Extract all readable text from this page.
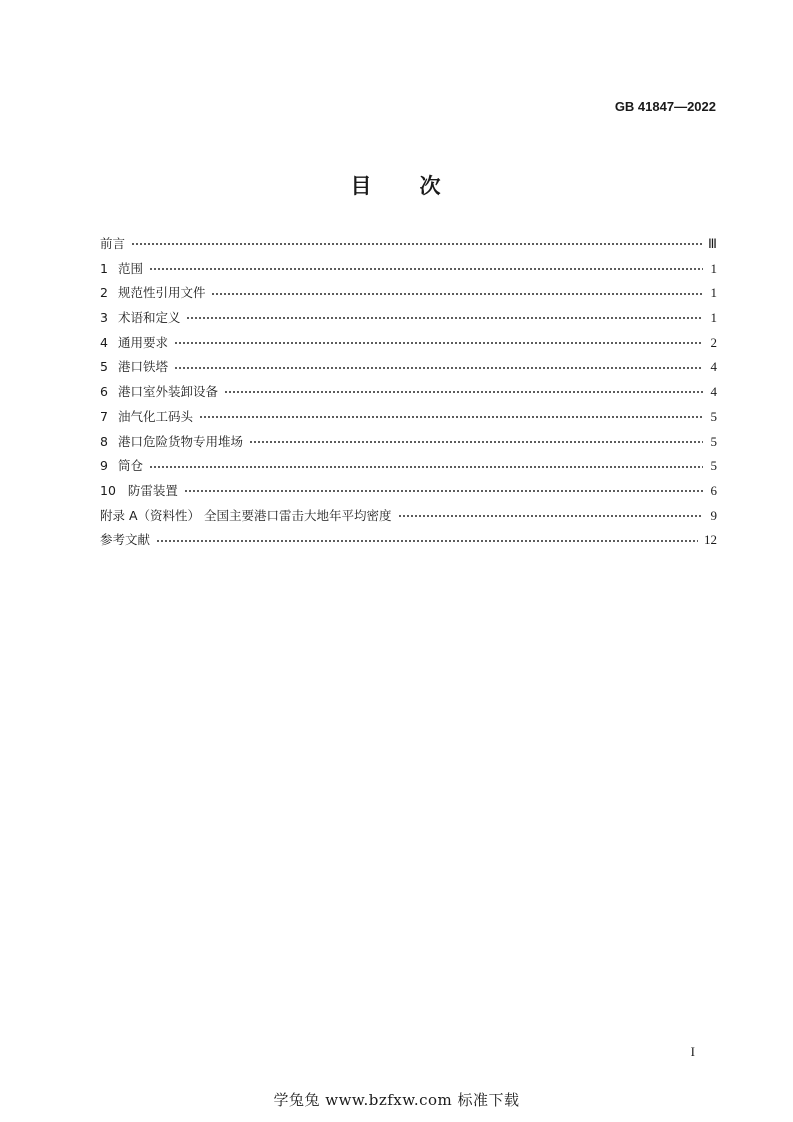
GB 41847—2022
目 次
前言	Ⅲ
1 范围	1
2 规范性引用文件	1
3 术语和定义	1
4 通用要求	2
5 港口铁塔	4
6 港口室外装卸设备	4
7 油气化工码头	5
8 港口危险货物专用堆场	5
9 筒仓	5
10 防雷装置	6
附录 A（资料性） 全国主要港口雷击大地年平均密度	9
参考文献	12
I
学兔兔 www.bzfxw.com 标准下载
